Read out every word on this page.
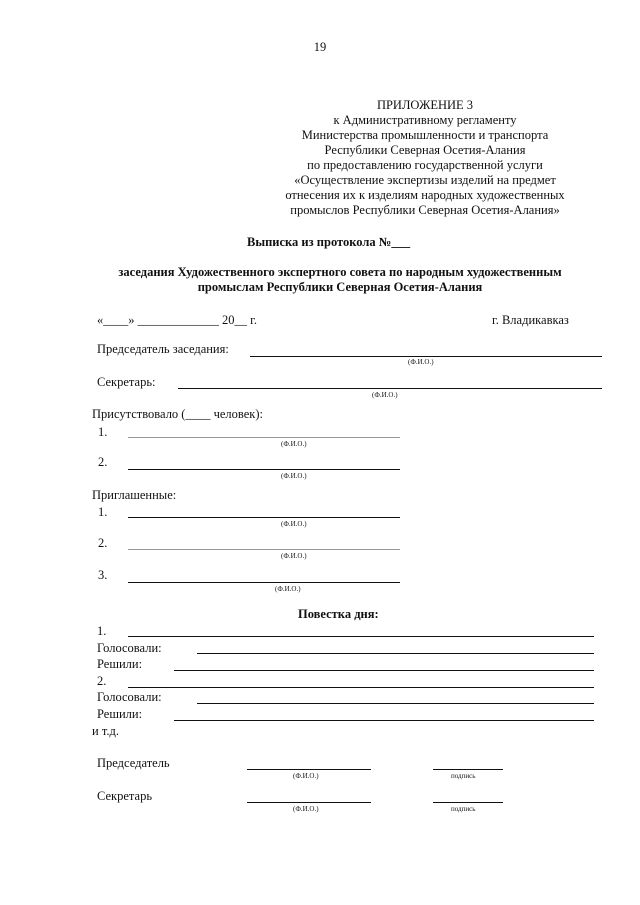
19
ПРИЛОЖЕНИЕ 3
к Административному регламенту
Министерства промышленности и транспорта
Республики Северная Осетия-Алания
по предоставлению государственной услуги
«Осуществление экспертизы изделий на предмет
отнесения их к изделиям народных художественных
промыслов Республики Северная Осетия-Алания»
Выписка из протокола №___
заседания Художественного экспертного совета по народным художественным
промыслам Республики Северная Осетия-Алания
«____» _____________ 20__ г.	г. Владикавказ
Председатель заседания:
(Ф.И.О.)
Секретарь:
(Ф.И.О.)
Присутствовало (____ человек):
1.
(Ф.И.О.)
2.
(Ф.И.О.)
Приглашенные:
1.
(Ф.И.О.)
2.
(Ф.И.О.)
3.
(Ф.И.О.)
Повестка дня:
1.
Голосовали:
Решили:
2.
Голосовали:
Решили:
и т.д.
Председатель
(Ф.И.О.)	подпись
Секретарь
(Ф.И.О.)	подпись
